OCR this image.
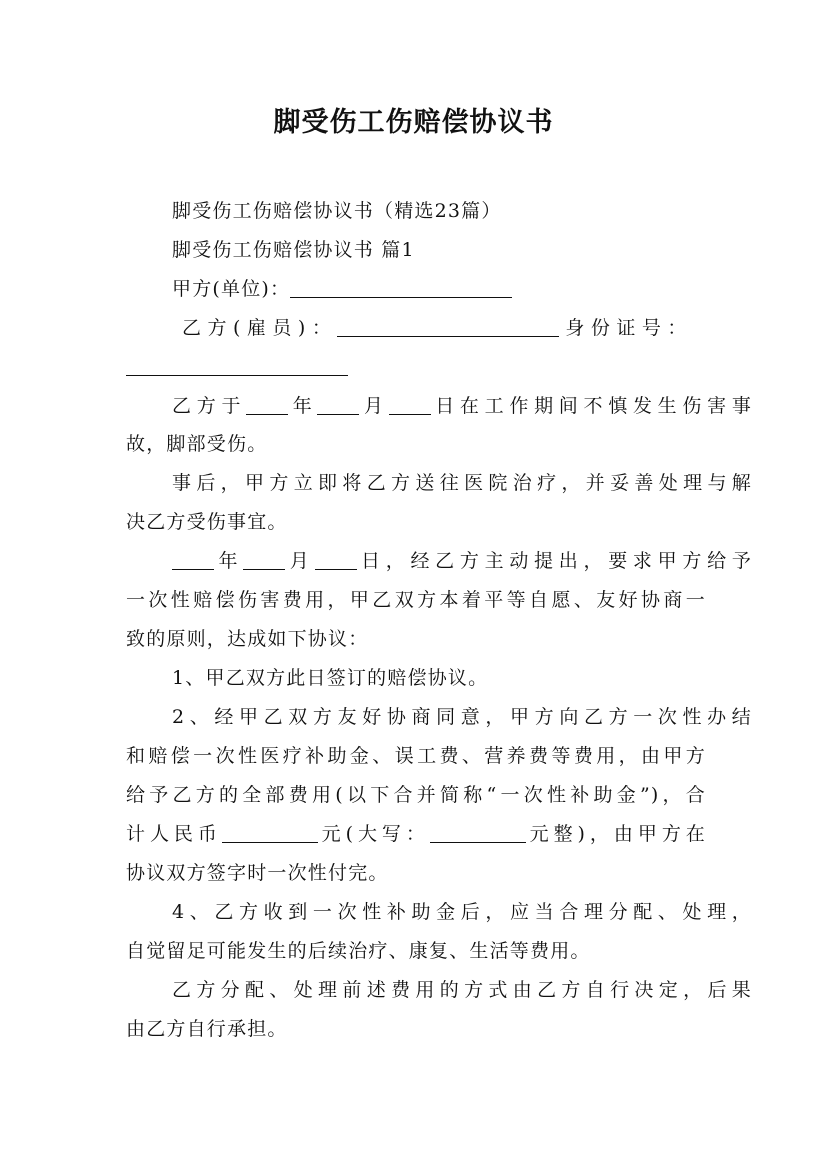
脚受伤工伤赔偿协议书
脚受伤工伤赔偿协议书（精选23篇）
脚受伤工伤赔偿协议书 篇1
甲方(单位)：
乙方(雇员)：	身份证号：
乙方于 年 月 日在工作期间不慎发生伤害事
故，脚部受伤。
事后，甲方立即将乙方送往医院治疗，并妥善处理与解
决乙方受伤事宜。
年 月 日，经乙方主动提出，要求甲方给予
一次性赔偿伤害费用，甲乙双方本着平等自愿、友好协商一
致的原则，达成如下协议：
1、甲乙双方此日签订的赔偿协议。
2、经甲乙双方友好协商同意，甲方向乙方一次性办结
和赔偿一次性医疗补助金、误工费、营养费等费用，由甲方
给予乙方的全部费用(以下合并简称“一次性补助金”)，合
计人民币	元(大写：	元整)，由甲方在
协议双方签字时一次性付完。
4、乙方收到一次性补助金后，应当合理分配、处理，
自觉留足可能发生的后续治疗、康复、生活等费用。
乙方分配、处理前述费用的方式由乙方自行决定，后果
由乙方自行承担。
